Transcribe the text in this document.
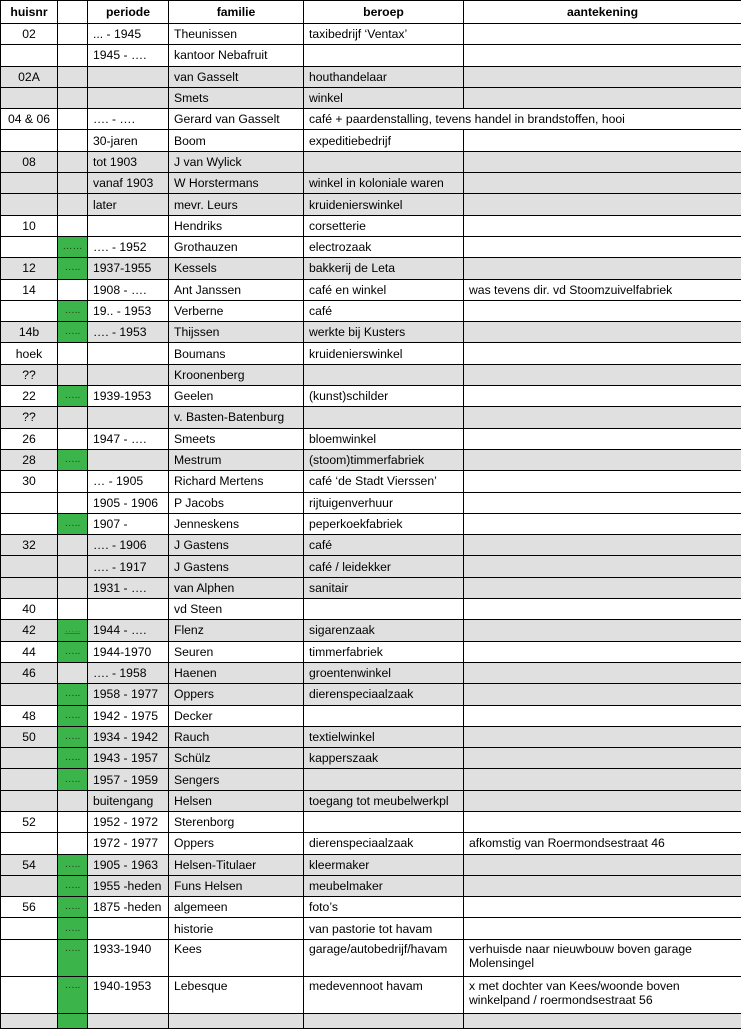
huisnr		periode	familie	beroep	aantekening
02		... - 1945	Theunissen	taxibedrijf ‘Ventax’	
		1945 - ….	kantoor Nebafruit		
02A			van Gasselt	houthandelaar	
			Smets	winkel	
04 & 06		…. - ….	Gerard van Gasselt	café + paardenstalling, tevens handel in brandstoffen, hooi	
		30-jaren	Boom	expeditiebedrijf	
08		tot 1903	J van Wylick		
		vanaf 1903	W Horstermans	winkel in koloniale waren	
		later	mevr. Leurs	kruidenierswinkel	
10			Hendriks	corsetterie	
	……	…. - 1952	Grothauzen	electrozaak	
12	…..	1937-1955	Kessels	bakkerij de Leta	
14		1908 - ….	Ant Janssen	café en winkel	was tevens dir. vd Stoomzuivelfabriek
	…..	19.. - 1953	Verberne	café	
14b	…..	…. - 1953	Thijssen	werkte bij Kusters	
hoek			Boumans	kruidenierswinkel	
??			Kroonenberg		
22	…..	1939-1953	Geelen	(kunst)schilder	
??			v. Basten-Batenburg		
26		1947 - ….	Smeets	bloemwinkel	
28	…..		Mestrum	(stoom)timmerfabriek	
30		… - 1905	Richard Mertens	café ‘de Stadt Vierssen’	
		1905 - 1906	P Jacobs	rijtuigenverhuur	
	…..	1907 -	Jenneskens	peperkoekfabriek	
32		…. - 1906	J Gastens	café	
		…. - 1917	J Gastens	café / leidekker	
		1931 - ….	van Alphen	sanitair	
40			vd Steen		
42	…..	1944 - ….	Flenz	sigarenzaak	
44	…..	1944-1970	Seuren	timmerfabriek	
46		…. - 1958	Haenen	groentenwinkel	
	…..	1958 - 1977	Oppers	dierenspeciaalzaak	
48	…..	1942 - 1975	Decker		
50	…..	1934 - 1942	Rauch	textielwinkel	
	…..	1943 - 1957	Schülz	kapperszaak	
	…..	1957 - 1959	Sengers		
		buitengang	Helsen	toegang tot meubelwerkpl	
52		1952 - 1972	Sterenborg		
		1972 - 1977	Oppers	dierenspeciaalzaak	afkomstig van Roermondsestraat 46
54	…..	1905 - 1963	Helsen-Titulaer	kleermaker	
	…..	1955 -heden	Funs Helsen	meubelmaker	
56	…..	1875 -heden	algemeen	foto’s	
	…..		historie	van pastorie tot havam	
	…..	1933-1940	Kees	garage/autobedrijf/havam	verhuisde naar nieuwbouw boven garage Molensingel
	…..	1940-1953	Lebesque	medevennoot havam	x met dochter van Kees/woonde boven winkelpand / roermondsestraat 56
